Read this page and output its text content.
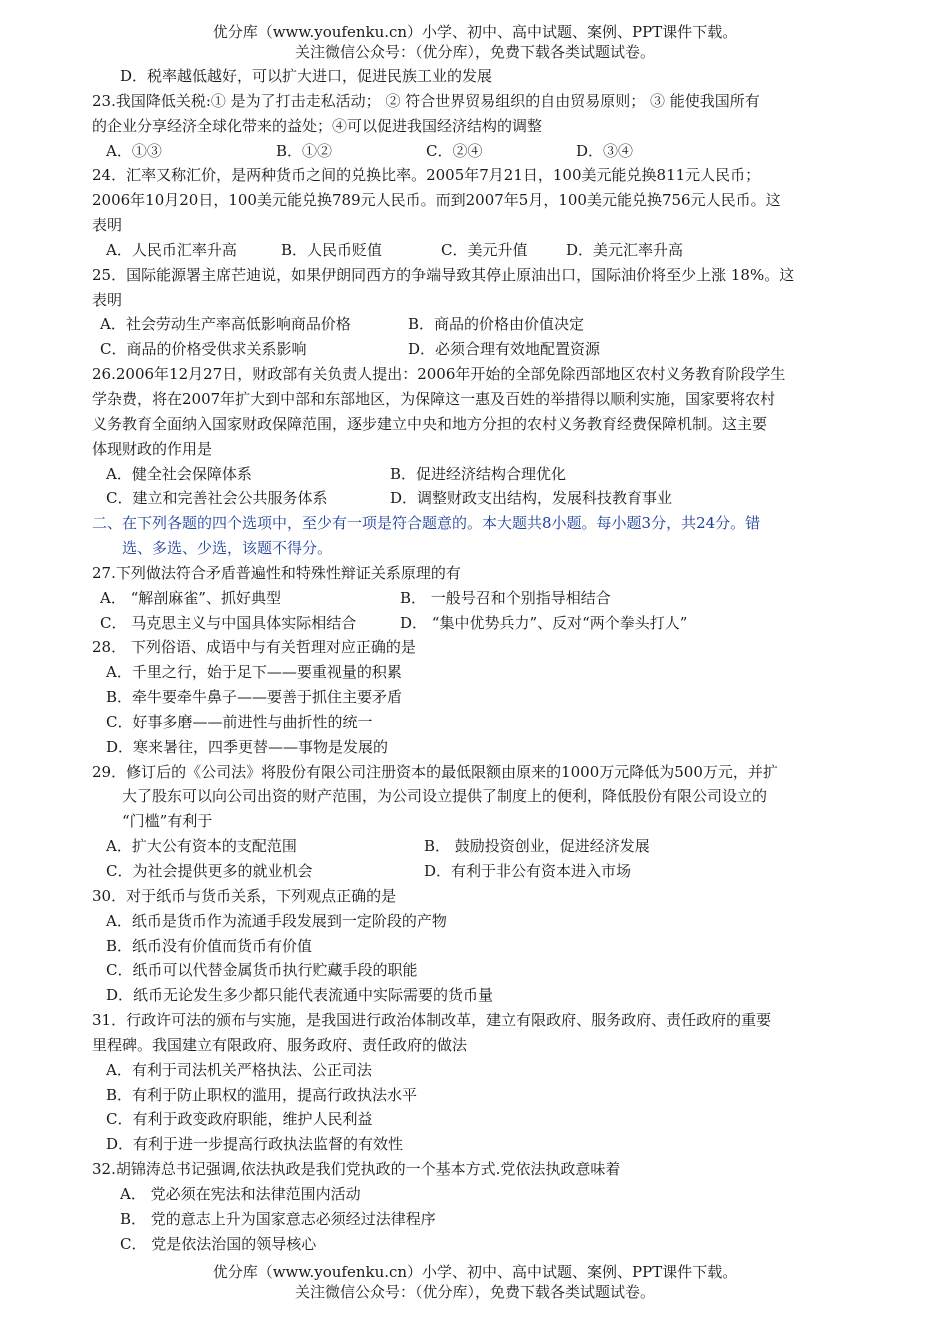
优分库（www.youfenku.cn）小学、初中、高中试题、案例、PPT课件下载。
关注微信公众号：（优分库），免费下载各类试题试卷。
D．税率越低越好，可以扩大进口，促进民族工业的发展
23.我国降低关税:① 是为了打击走私活动； ② 符合世界贸易组织的自由贸易原则； ③ 能使我国所有
的企业分享经济全球化带来的益处；④可以促进我国经济结构的调整
A．①③	B．①②	C．②④	D．③④
24．汇率又称汇价，是两种货币之间的兑换比率。2005年7月21日，100美元能兑换811元人民币；
2006年10月20日，100美元能兑换789元人民币。而到2007年5月，100美元能兑换756元人民币。这
表明
A．人民币汇率升高	B．人民币贬值	C．美元升值	D．美元汇率升高
25．国际能源署主席芒迪说，如果伊朗同西方的争端导致其停止原油出口，国际油价将至少上涨 18%。这
表明
A．社会劳动生产率高低影响商品价格	B．商品的价格由价值决定
C．商品的价格受供求关系影响	D．必须合理有效地配置资源
26.2006年12月27日，财政部有关负责人提出：2006年开始的全部免除西部地区农村义务教育阶段学生
学杂费，将在2007年扩大到中部和东部地区，为保障这一惠及百姓的举措得以顺利实施，国家要将农村
义务教育全面纳入国家财政保障范围，逐步建立中央和地方分担的农村义务教育经费保障机制。这主要
体现财政的作用是
A．健全社会保障体系	B．促进经济结构合理优化
C．建立和完善社会公共服务体系	D．调整财政支出结构，发展科技教育事业
二、在下列各题的四个选项中，至少有一项是符合题意的。本大题共8小题。每小题3分，共24分。错
选、多选、少选，该题不得分。
27.下列做法符合矛盾普遍性和特殊性辩证关系原理的有
A． “解剖麻雀”、抓好典型	B． 一般号召和个别指导相结合
C． 马克思主义与中国具体实际相结合	D． “集中优势兵力”、反对“两个拳头打人”
28． 下列俗语、成语中与有关哲理对应正确的是
A．千里之行，始于足下——要重视量的积累
B．牵牛要牵牛鼻子——要善于抓住主要矛盾
C．好事多磨——前进性与曲折性的统一
D．寒来暑往，四季更替——事物是发展的
29．修订后的《公司法》将股份有限公司注册资本的最低限额由原来的1000万元降低为500万元，并扩
大了股东可以向公司出资的财产范围，为公司设立提供了制度上的便利，降低股份有限公司设立的
“门槛”有利于
A．扩大公有资本的支配范围	B． 鼓励投资创业，促进经济发展
C．为社会提供更多的就业机会	D．有利于非公有资本进入市场
30．对于纸币与货币关系，下列观点正确的是
A．纸币是货币作为流通手段发展到一定阶段的产物
B．纸币没有价值而货币有价值
C．纸币可以代替金属货币执行贮藏手段的职能
D．纸币无论发生多少都只能代表流通中实际需要的货币量
31．行政许可法的颁布与实施，是我国进行政治体制改革，建立有限政府、服务政府、责任政府的重要
里程碑。我国建立有限政府、服务政府、责任政府的做法
A．有利于司法机关严格执法、公正司法
B．有利于防止职权的滥用，提高行政执法水平
C．有利于政变政府职能，维护人民利益
D．有利于进一步提高行政执法监督的有效性
32.胡锦涛总书记强调,依法执政是我们党执政的一个基本方式.党依法执政意味着
A． 党必须在宪法和法律范围内活动
B． 党的意志上升为国家意志必须经过法律程序
C． 党是依法治国的领导核心
优分库（www.youfenku.cn）小学、初中、高中试题、案例、PPT课件下载。
关注微信公众号：（优分库），免费下载各类试题试卷。
